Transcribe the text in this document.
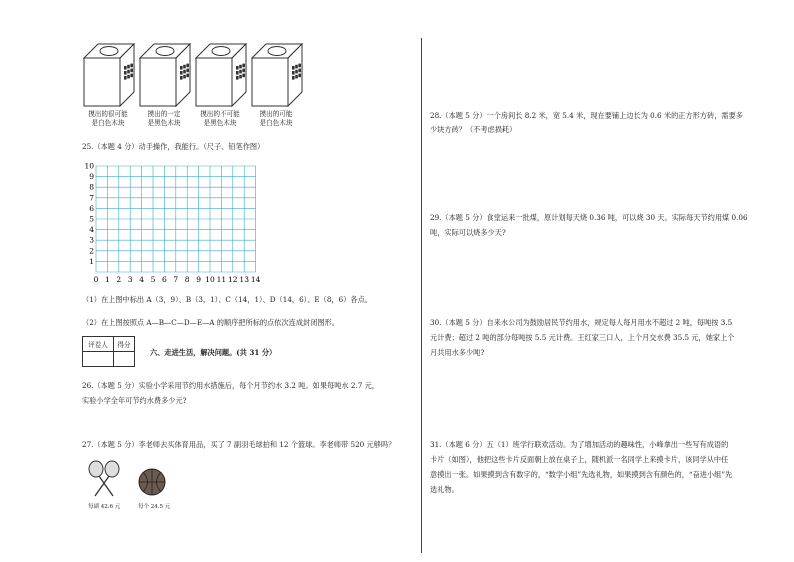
摸出的很可能
是白色木块
摸出的一定
是黑色木块
摸出的不可能
是黑色木块
摸出的可能
是白色木块
25.（本题 4 分）动手操作，我能行。（尺子、铅笔作图）
10
9
8
7
6
5
4
3
2
1
0 1 2 3 4 5 6 7 8 9 10 11 12 13 14
（1）在上图中标出 A（3，9）、B（3，1）、C（14，1）、D（14，6）、E（8，6）各点。
（2）在上图按照点 A—B—C—D—E—A 的顺序把所标的点依次连成封闭图形。
评卷人	得分

六、走进生活，解决问题。(共 31 分）
26.（本题 5 分）实验小学采用节约用水措施后，每个月节约水 3.2 吨。如果每吨水 2.7 元，
实验小学全年可节约水费多少元?
27.（本题 5 分）李老师去买体育用品，买了 7 副羽毛球拍和 12 个篮球。李老师带 520 元够吗？
每副 42.6 元	每个 24.5 元
28.（本题 5 分）一个房间长 8.2 米，宽 5.4 米，现在要铺上边长为 0.6 米的正方形方砖，需要多
少块方砖？（不考虑损耗）
29.（本题 5 分）食堂运来一批煤，原计划每天烧 0.36 吨，可以烧 30 天。实际每天节约用煤 0.06
吨，实际可以烧多少天?
30.（本题 5 分）自来水公司为鼓励居民节约用水，规定每人每月用水不超过 2 吨，每吨按 3.5
元计费；超过 2 吨的部分每吨按 5.5 元计费。王红家三口人，上个月交水费 35.5 元，她家上个
月共用水多少吨?
31.（本题 6 分）五（1）班学行联欢活动。为了增加活动的趣味性，小峰拿出一些写有成语的
卡片（如图），他把这些卡片反面朝上放在桌子上，随机派一名同学上来摸卡片，该同学从中任
意摸出一张。如果摸到含有数字的，“数学小组”先选礼物，如果摸到含有颜色的，“奋进小组”先
选礼物。
